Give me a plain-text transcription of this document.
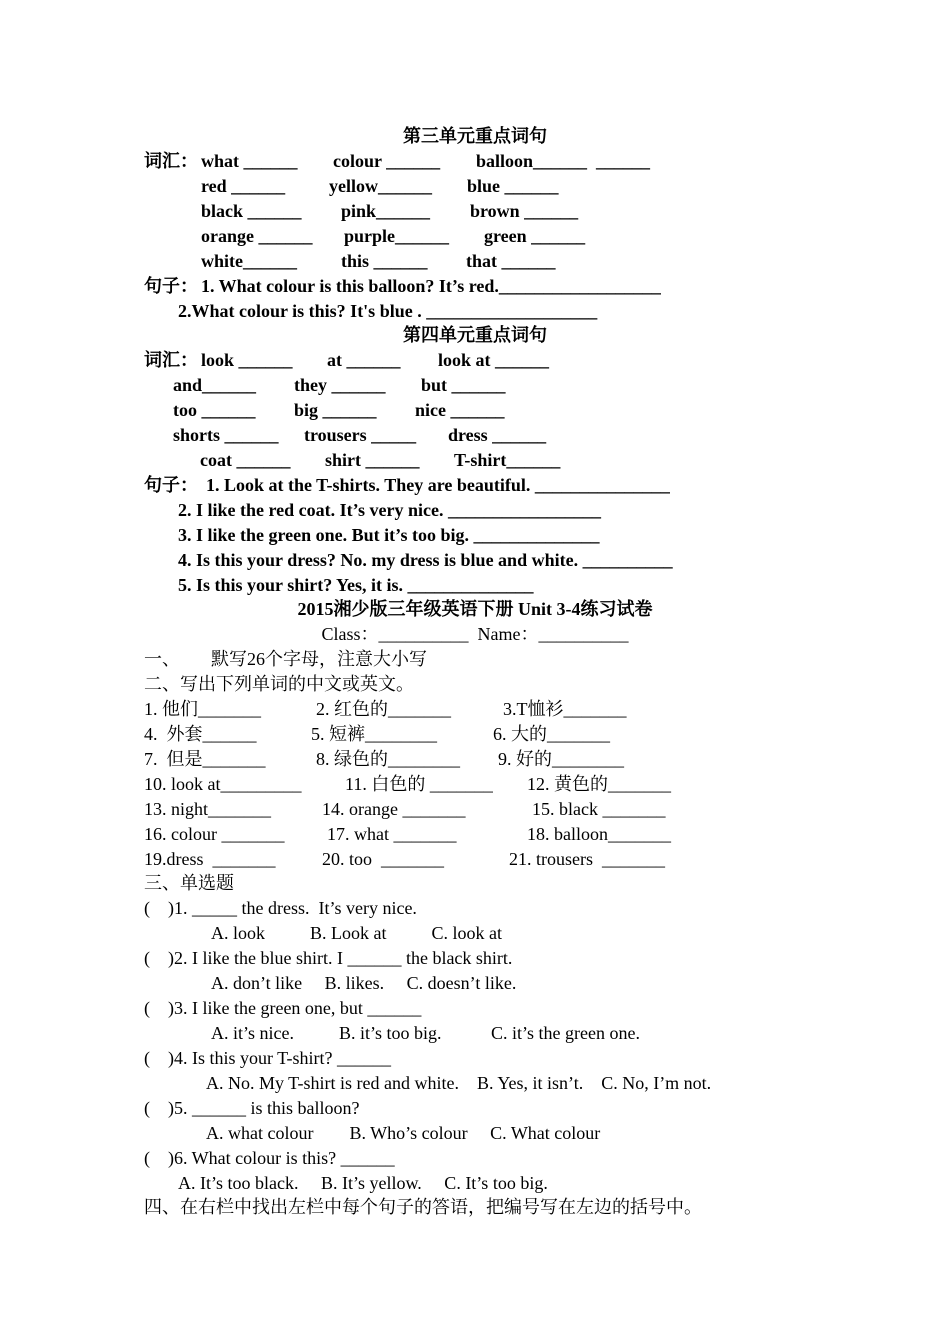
第三单元重点词句
词汇： what ______ colour ______ balloon______  ______
red ______ yellow______ blue ______
black ______ pink______ brown ______
orange ______ purple______ green ______
white______ this ______ that ______
句子： 1. What colour is this balloon? It’s red.__________________
2.What colour is this? It's blue . ___________________
第四单元重点词句
词汇： look ______ at ______ look at ______
and______ they ______ but ______
too ______ big ______ nice ______
shorts ______ trousers _____ dress ______
coat ______ shirt ______ T-shirt______
句子： 1. Look at the T-shirts. They are beautiful. _______________
2. I like the red coat. It’s very nice. _________________
3. I like the green one. But it’s too big. ______________
4. Is this your dress? No. my dress is blue and white. __________
5. Is this your shirt? Yes, it is. ______________
2015湘少版三年级英语下册 Unit 3-4练习试卷
Class：__________  Name：__________
一、 默写26个字母，注意大小写
二、写出下列单词的中文或英文。
1. 他们_______	2. 红色的_______	3.T恤衫_______
4.  外套______	5. 短裤________	6. 大的_______
7.  但是_______	8. 绿色的________ 9. 好的________
10. look at_________ 11. 白色的 _______ 12. 黄色的_______
13. night_______	14. orange _______	15. black _______
16. colour _______ 17. what _______	18. balloon_______
19.dress  _______	20. too  _______	21. trousers  _______
三、单选题
(    )1. _____ the dress.  It’s very nice.
A. look          B. Look at          C. look at
(    )2. I like the blue shirt. I ______ the black shirt.
A. don’t like     B. likes.     C. doesn’t like.
(    )3. I like the green one, but ______
A. it’s nice.          B. it’s too big.           C. it’s the green one.
(    )4. Is this your T-shirt? ______
A. No. My T-shirt is red and white.    B. Yes, it isn’t.    C. No, I’m not.
(    )5. ______ is this balloon?
A. what colour        B. Who’s colour     C. What colour
(    )6. What colour is this? ______
A. It’s too black.     B. It’s yellow.     C. It’s too big.
四、在右栏中找出左栏中每个句子的答语，把编号写在左边的括号中。
